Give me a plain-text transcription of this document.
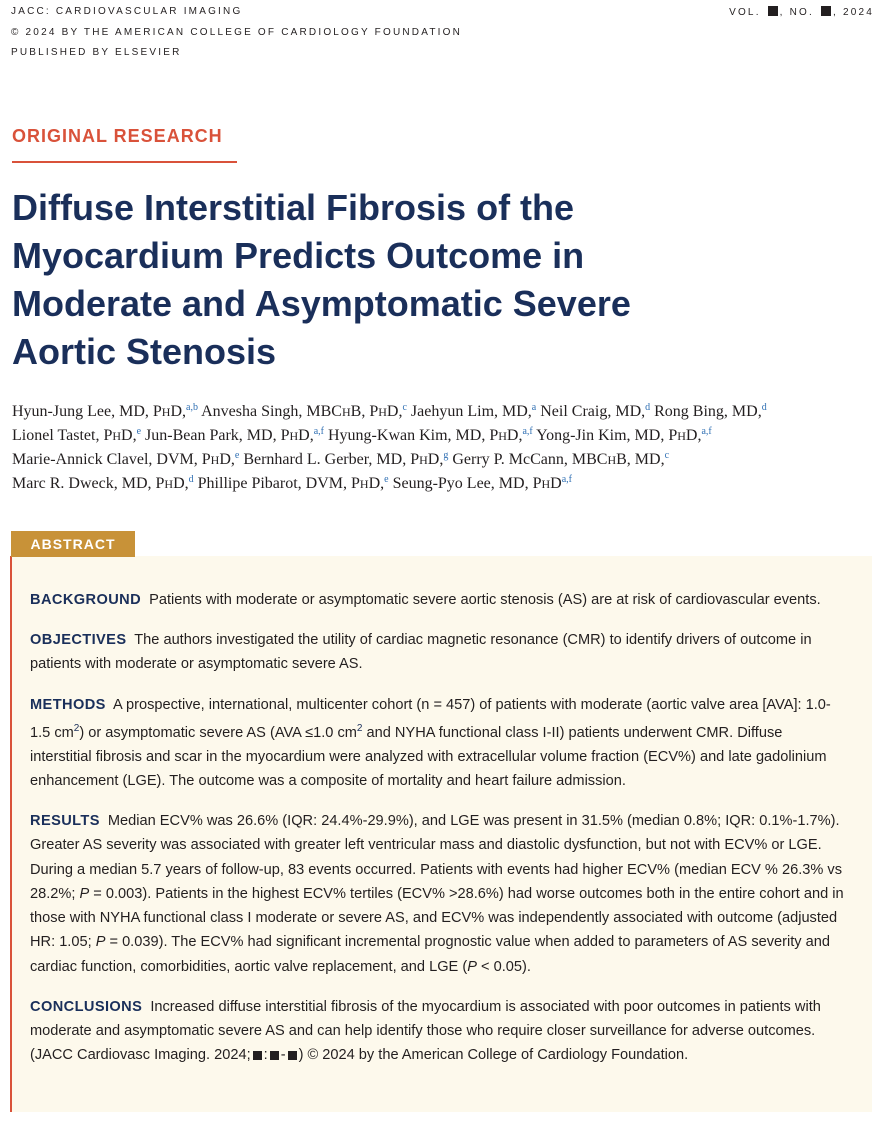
JACC: CARDIOVASCULAR IMAGING
© 2024 BY THE AMERICAN COLLEGE OF CARDIOLOGY FOUNDATION
PUBLISHED BY ELSEVIER
VOL. , NO. , 2024
ORIGINAL RESEARCH
Diffuse Interstitial Fibrosis of the Myocardium Predicts Outcome in Moderate and Asymptomatic Severe Aortic Stenosis
Hyun-Jung Lee, MD, PHD,$^{a,b}$ Anvesha Singh, MBCHB, PHD,$^c$ Jaehyun Lim, MD,$^a$ Neil Craig, MD,$^d$ Rong Bing, MD,$^d$
Lionel Tastet, PHD,$^e$ Jun-Bean Park, MD, PHD,$^{a,f}$ Hyung-Kwan Kim, MD, PHD,$^{a,f}$ Yong-Jin Kim, MD, PHD,$^{a,f}$
Marie-Annick Clavel, DVM, PHD,$^e$ Bernhard L. Gerber, MD, PHD,$^g$ Gerry P. McCann, MBCHB, MD,$^c$
Marc R. Dweck, MD, PHD,$^d$ Phillipe Pibarot, DVM, PHD,$^e$ Seung-Pyo Lee, MD, PHD$^{a,f}$
ABSTRACT

BACKGROUND Patients with moderate or asymptomatic severe aortic stenosis (AS) are at risk of cardiovascular events.

OBJECTIVES The authors investigated the utility of cardiac magnetic resonance (CMR) to identify drivers of outcome in patients with moderate or asymptomatic severe AS.

METHODS A prospective, international, multicenter cohort (n = 457) of patients with moderate (aortic valve area [AVA]: 1.0-1.5 $cm^2$) or asymptomatic severe AS (AVA ≤1.0 $cm^2$ and NYHA functional class I-II) patients underwent CMR. Diffuse interstitial fibrosis and scar in the myocardium were analyzed with extracellular volume fraction (ECV%) and late gadolinium enhancement (LGE). The outcome was a composite of mortality and heart failure admission.

RESULTS Median ECV% was 26.6% (IQR: 24.4%-29.9%), and LGE was present in 31.5% (median 0.8%; IQR: 0.1%-1.7%). Greater AS severity was associated with greater left ventricular mass and diastolic dysfunction, but not with ECV% or LGE. During a median 5.7 years of follow-up, 83 events occurred. Patients with events had higher ECV% (median ECV % 26.3% vs 28.2%; P = 0.003). Patients in the highest ECV% tertiles (ECV% >28.6%) had worse outcomes both in the entire cohort and in those with NYHA functional class I moderate or severe AS, and ECV% was independently associated with outcome (adjusted HR: 1.05; P = 0.039). The ECV% had significant incremental prognostic value when added to parameters of AS severity and cardiac function, comorbidities, aortic valve replacement, and LGE (P < 0.05).

CONCLUSIONS Increased diffuse interstitial fibrosis of the myocardium is associated with poor outcomes in patients with moderate and asymptomatic severe AS and can help identify those who require closer surveillance for adverse outcomes. (JACC Cardiovasc Imaging. 2024; : - ) © 2024 by the American College of Cardiology Foundation.
